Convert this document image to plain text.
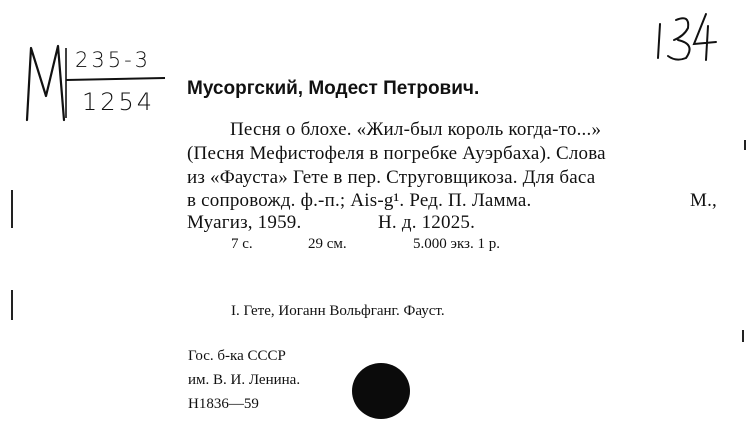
235-3
1254 Мусоргский, Модест Петрович.
Песня о блохе. «Жил-был король когда-то...»
(Песня Мефистофеля в погребке Ауэрбаха). Слова
из «Фауста» Гете в пер. Струговщикоза. Для баса
в сопровожд. ф.-п.; Ais-g¹. Ред. П. Ламма.	М.,
Муагиз, 1959.	Н. д. 12025.
7 с.	29 см.	5.000 экз. 1 р.
I. Гете, Иоганн Вольфганг. Фауст.
Гос. б-ка СССР
им. В. И. Ленина.
Н1836—59
